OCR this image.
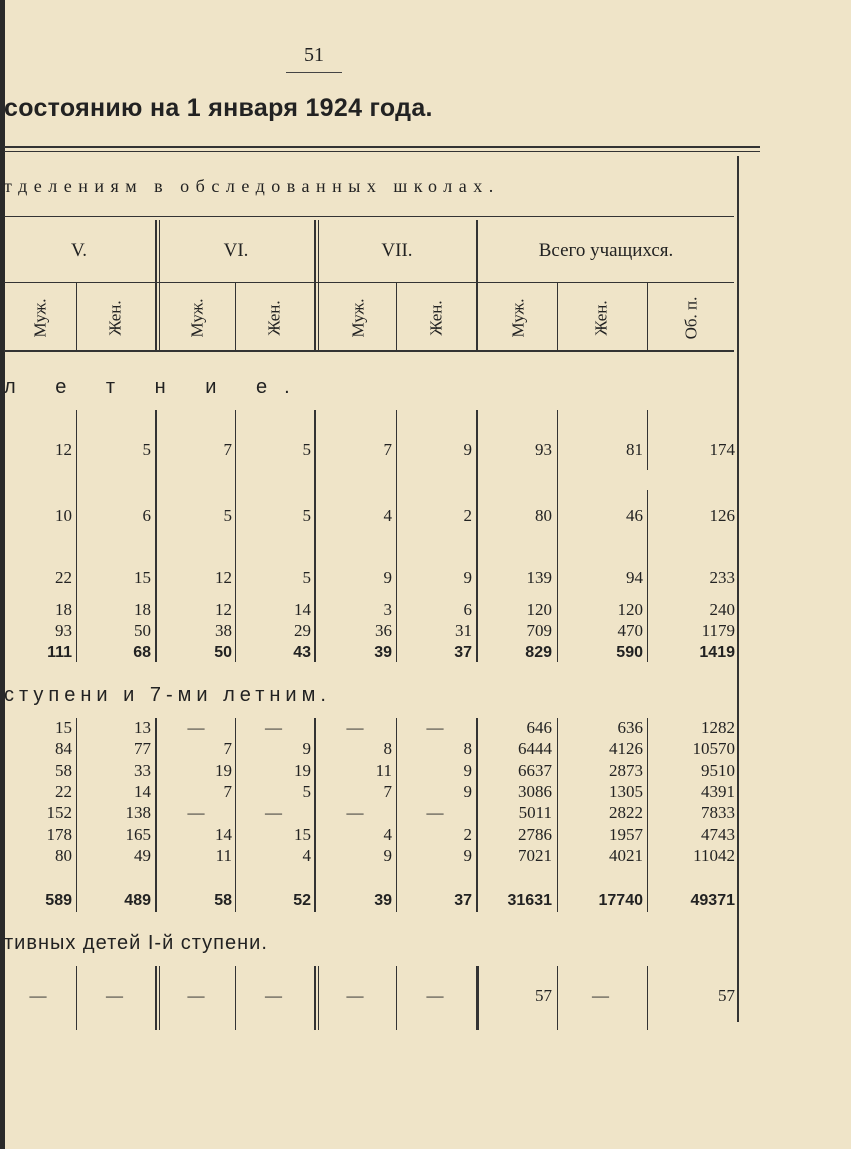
51
состоянию на 1 января 1924 года.
тделениям в обследованных школах.
V.	VI.	VII.	Всего учащихся.
Муж.	Жен.	Муж.	Жен.	Муж.	Жен.	Муж.	Жен.	Об. п.
л е т н и е.
ступени и 7-ми летним.
тивных детей I-й ступени.
12	5	7	5	7	9	93	81	174
10	6	5	5	4	2	80	46	126
22	15	12	5	9	9	139	94	233
18	18	12	14	3	6	120	120	240
93	50	38	29	36	31	709	470	1179
111	68	50	43	39	37	829	590	1419
15	13	—	—	—	—	646	636	1282
84	77	7	9	8	8	6444	4126	10570
58	33	19	19	11	9	6637	2873	9510
22	14	7	5	7	9	3086	1305	4391
152	138	—	—	—	—	5011	2822	7833
178	165	14	15	4	2	2786	1957	4743
80	49	11	4	9	9	7021	4021	11042
589	489	58	52	39	37	31631	17740	49371
—	—	—	—	—	—	57	—	57
